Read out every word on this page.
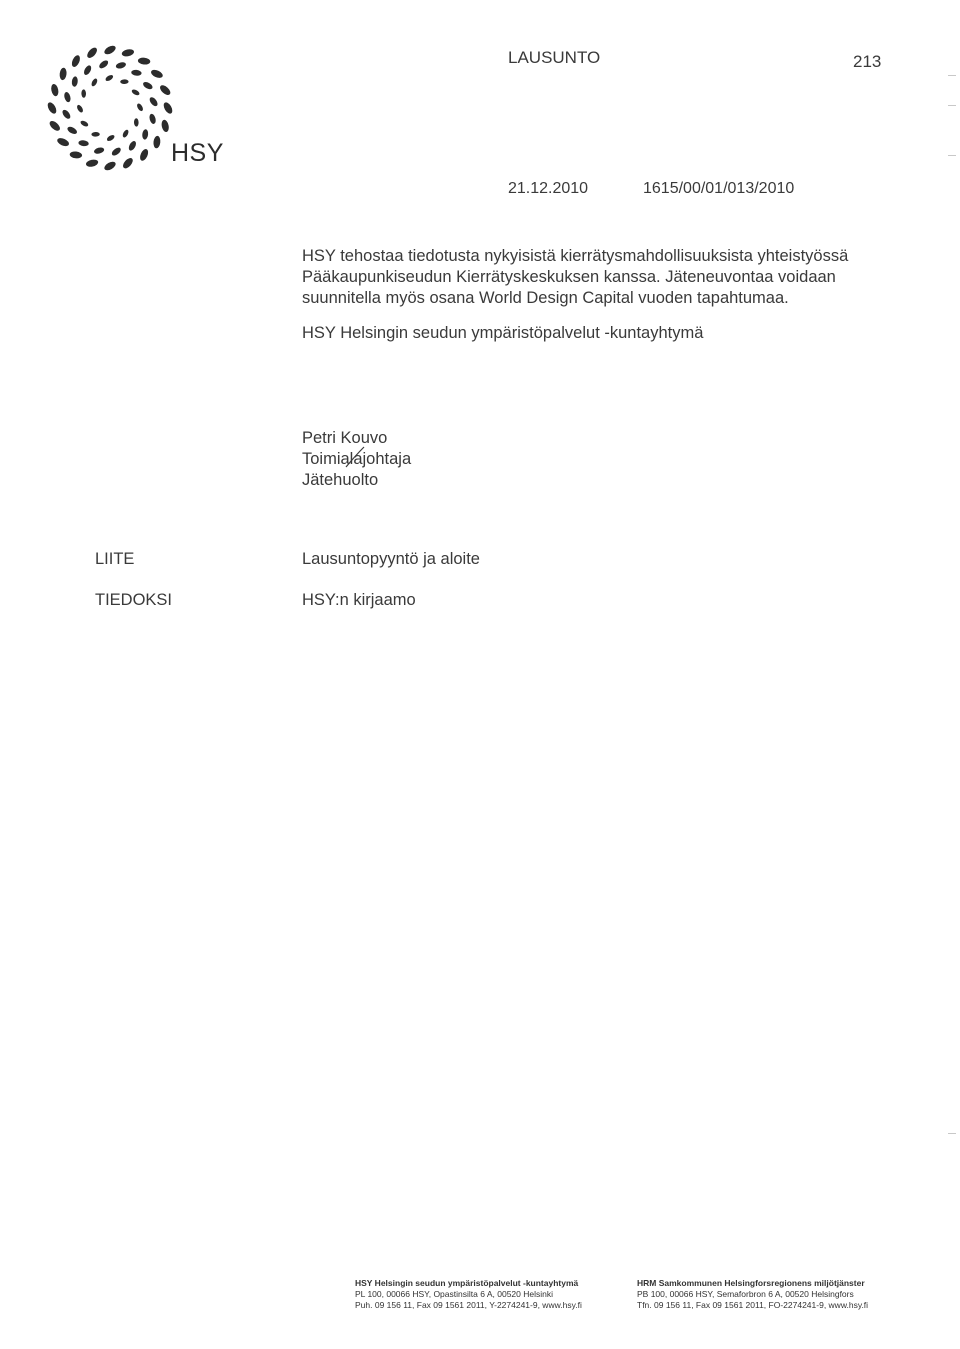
HSY
LAUSUNTO	213
21.12.2010	1615/00/01/013/2010
HSY tehostaa tiedotusta nykyisistä kierrätysmahdollisuuksista yhteistyössä
Pääkaupunkiseudun Kierrätyskeskuksen kanssa. Jäteneuvontaa voidaan
suunnitella myös osana World Design Capital vuoden tapahtumaa.
HSY Helsingin seudun ympäristöpalvelut -kuntayhtymä
Petri Kouvo
Toimialajohtaja
Jätehuolto
LIITE	Lausuntopyyntö ja aloite
TIEDOKSI	HSY:n kirjaamo
HSY Helsingin seudun ympäristöpalvelut -kuntayhtymä
PL 100, 00066 HSY, Opastinsilta 6 A, 00520 Helsinki
Puh. 09 156 11, Fax 09 1561 2011, Y-2274241-9, www.hsy.fi
HRM Samkommunen Helsingforsregionens miljötjänster
PB 100, 00066 HSY, Semaforbron 6 A, 00520 Helsingfors
Tfn. 09 156 11, Fax 09 1561 2011, FO-2274241-9, www.hsy.fi
